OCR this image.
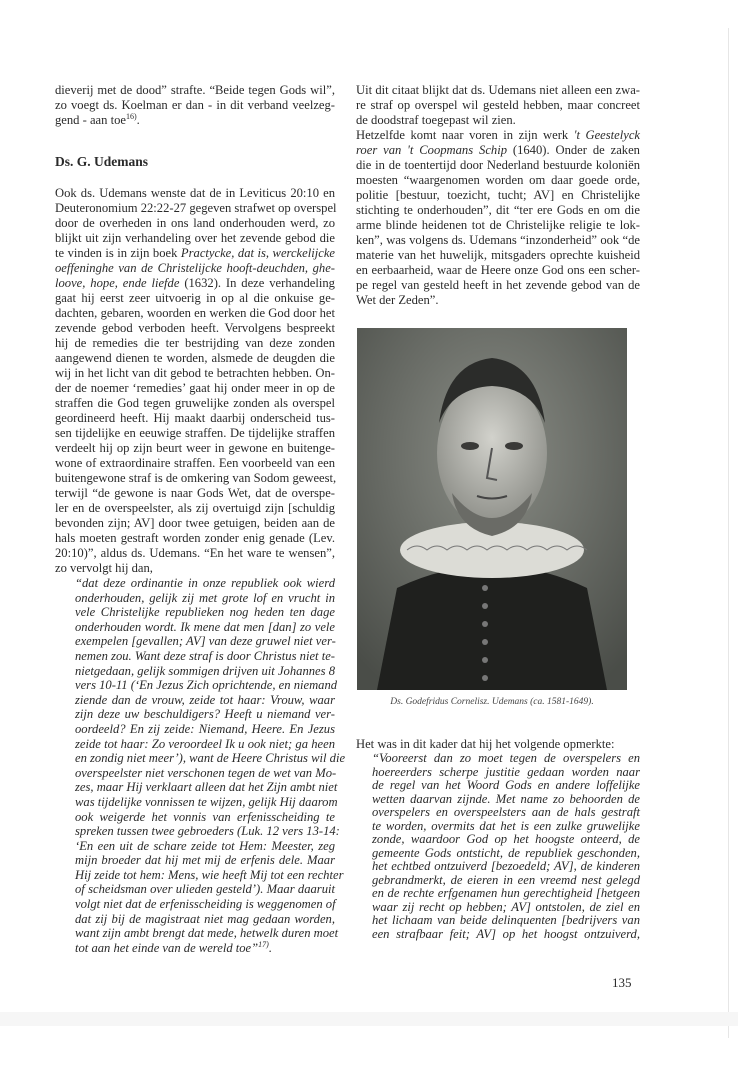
dieverij met de dood” strafte. “Beide tegen Gods wil”,
zo voegt ds. Koelman er dan - in dit verband veelzeg-
gend - aan toe$^{16)}$.
Ds. G. Udemans
Ook ds. Udemans wenste dat de in Leviticus 20:10 en
Deuteronomium 22:22-27 gegeven strafwet op overspel
door de overheden in ons land onderhouden werd, zo
blijkt uit zijn verhandeling over het zevende gebod die
te vinden is in zijn boek Practycke, dat is, werckelijcke
oeffeninghe van de Christelijcke hooft-deuchden, ghe-
loove, hope, ende liefde (1632). In deze verhandeling
gaat hij eerst zeer uitvoerig in op al die onkuise ge-
dachten, gebaren, woorden en werken die God door het
zevende gebod verboden heeft. Vervolgens bespreekt
hij de remedies die ter bestrijding van deze zonden
aangewend dienen te worden, alsmede de deugden die
wij in het licht van dit gebod te betrachten hebben. On-
der de noemer ‘remedies’ gaat hij onder meer in op de
straffen die God tegen gruwelijke zonden als overspel
geordineerd heeft. Hij maakt daarbij onderscheid tus-
sen tijdelijke en eeuwige straffen. De tijdelijke straffen
verdeelt hij op zijn beurt weer in gewone en buitenge-
wone of extraordinaire straffen. Een voorbeeld van een
buitengewone straf is de omkering van Sodom geweest,
terwijl “de gewone is naar Gods Wet, dat de overspe-
ler en de overspeelster, als zij overtuigd zijn [schuldig
bevonden zijn; AV] door twee getuigen, beiden aan de
hals moeten gestraft worden zonder enig genade (Lev.
20:10)”, aldus ds. Udemans. “En het ware te wensen”,
zo vervolgt hij dan,
“dat deze ordinantie in onze republiek ook wierd
onderhouden, gelijk zij met grote lof en vrucht in
vele Christelijke republieken nog heden ten dage
onderhouden wordt. Ik mene dat men [dan] zo vele
exempelen [gevallen; AV] van deze gruwel niet ver-
nemen zou. Want deze straf is door Christus niet te-
nietgedaan, gelijk sommigen drijven uit Johannes 8
vers 10-11 (‘En Jezus Zich oprichtende, en niemand
ziende dan de vrouw, zeide tot haar: Vrouw, waar
zijn deze uw beschuldigers? Heeft u niemand ver-
oordeeld? En zij zeide: Niemand, Heere. En Jezus
zeide tot haar: Zo veroordeel Ik u ook niet; ga heen
en zondig niet meer’), want de Heere Christus wil die
overspeelster niet verschonen tegen de wet van Mo-
zes, maar Hij verklaart alleen dat het Zijn ambt niet
was tijdelijke vonnissen te wijzen, gelijk Hij daarom
ook weigerde het vonnis van erfenisscheiding te
spreken tussen twee gebroeders (Luk. 12 vers 13-14:
‘En een uit de schare zeide tot Hem: Meester, zeg
mijn broeder dat hij met mij de erfenis dele. Maar
Hij zeide tot hem: Mens, wie heeft Mij tot een rechter
of scheidsman over ulieden gesteld’). Maar daaruit
volgt niet dat de erfenisscheiding is weggenomen of
dat zij bij de magistraat niet mag gedaan worden,
want zijn ambt brengt dat mede, hetwelk duren moet
tot aan het einde van de wereld toe”$^{17)}$.
Uit dit citaat blijkt dat ds. Udemans niet alleen een zwa-
re straf op overspel wil gesteld hebben, maar concreet
de doodstraf toegepast wil zien.
Hetzelfde komt naar voren in zijn werk 't Geestelyck
roer van 't Coopmans Schip (1640). Onder de zaken
die in de toentertijd door Nederland bestuurde koloniën
moesten “waargenomen worden om daar goede orde,
politie [bestuur, toezicht, tucht; AV] en Christelijke
stichting te onderhouden”, dit “ter ere Gods en om die
arme blinde heidenen tot de Christelijke religie te lok-
ken”, was volgens ds. Udemans “inzonderheid” ook “de
materie van het huwelijk, mitsgaders oprechte kuisheid
en eerbaarheid, waar de Heere onze God ons een scher-
pe regel van gesteld heeft in het zevende gebod van de
Wet der Zeden”.
Ds. Godefridus Cornelisz. Udemans (ca. 1581-1649).
Het was in dit kader dat hij het volgende opmerkte:
“Vooreerst dan zo moet tegen de overspelers en
hoereerders scherpe justitie gedaan worden naar
de regel van het Woord Gods en andere loffelijke
wetten daarvan zijnde. Met name zo behoorden de
overspelers en overspeelsters aan de hals gestraft
te worden, overmits dat het is een zulke gruwelijke
zonde, waardoor God op het hoogste onteerd, de
gemeente Gods ontsticht, de republiek geschonden,
het echtbed ontzuiverd [bezoedeld; AV], de kinderen
gebrandmerkt, de eieren in een vreemd nest gelegd
en de rechte erfgenamen hun gerechtigheid [hetgeen
waar zij recht op hebben; AV] ontstolen, de ziel en
het lichaam van beide delinquenten [bedrijvers van
een strafbaar feit; AV] op het hoogst ontzuiverd,
135
